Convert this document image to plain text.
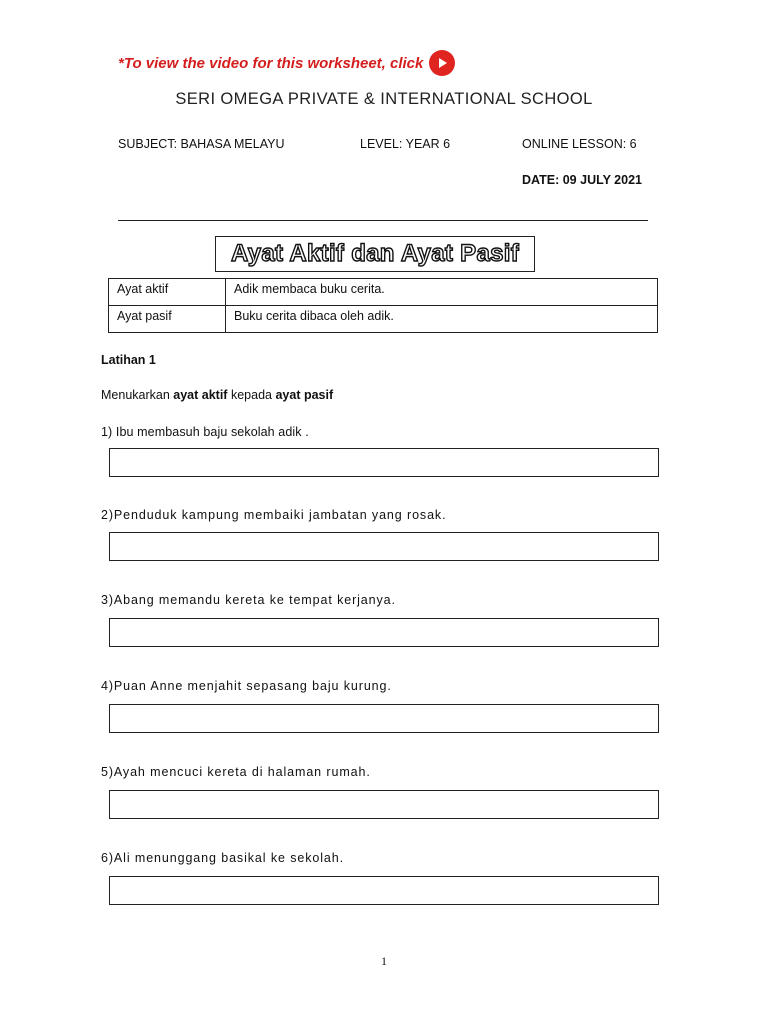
*To view the video for this worksheet, click
SERI OMEGA PRIVATE & INTERNATIONAL SCHOOL
SUBJECT: BAHASA MELAYU	LEVEL: YEAR 6	ONLINE LESSON: 6
DATE: 09 JULY 2021
Ayat Aktif dan Ayat Pasif
Ayat aktif	Adik membaca buku cerita.
Ayat pasif	Buku cerita dibaca oleh adik.
Latihan 1
Menukarkan ayat aktif kepada ayat pasif
1) Ibu membasuh baju sekolah adik .
2)Penduduk kampung membaiki jambatan yang rosak.
3)Abang memandu kereta ke tempat kerjanya.
4)Puan Anne menjahit sepasang baju kurung.
5)Ayah mencuci kereta di halaman rumah.
6)Ali menunggang basikal ke sekolah.
1
